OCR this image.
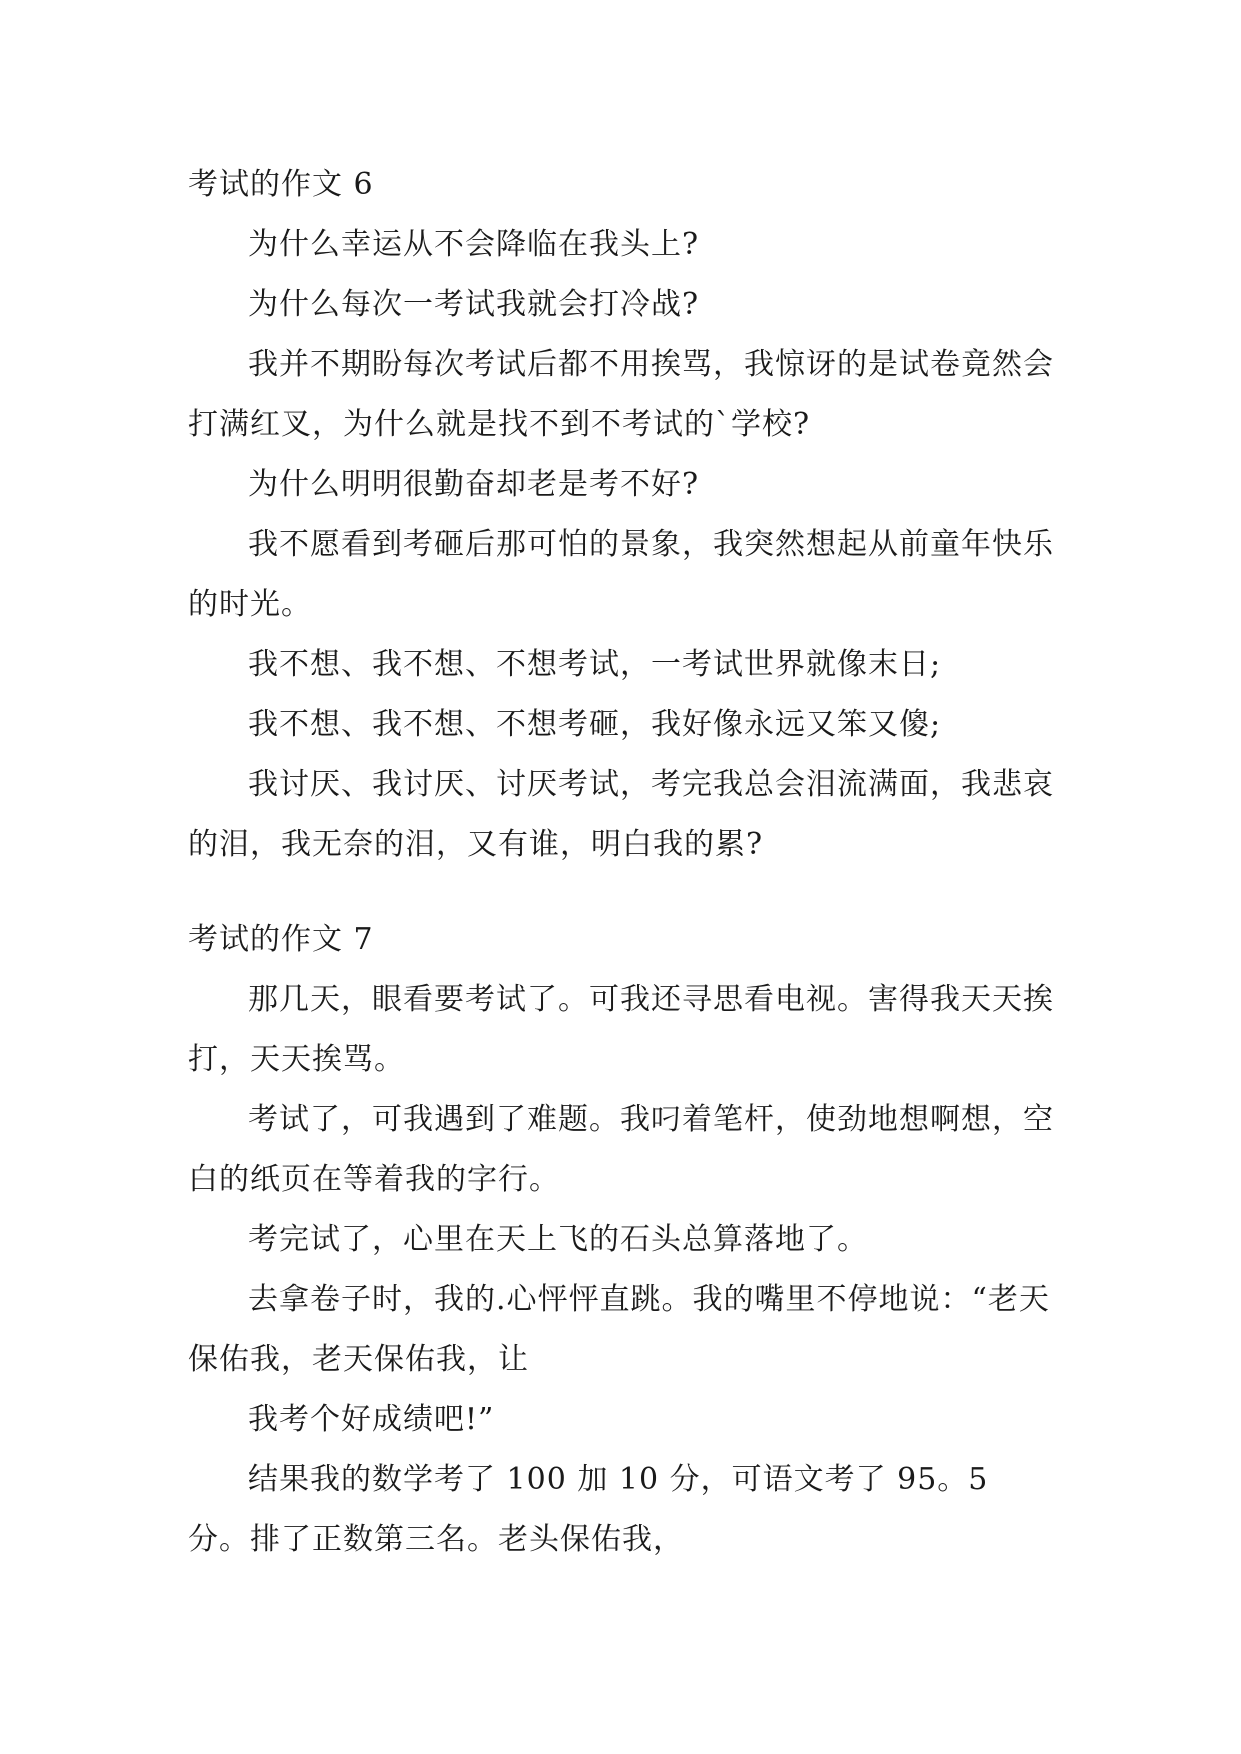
考试的作文 6

为什么幸运从不会降临在我头上?

为什么每次一考试我就会打冷战?

我并不期盼每次考试后都不用挨骂，我惊讶的是试卷竟然会打满红叉，为什么就是找不到不考试的`学校?

为什么明明很勤奋却老是考不好?

我不愿看到考砸后那可怕的景象，我突然想起从前童年快乐的时光。

我不想、我不想、不想考试，一考试世界就像末日;

我不想、我不想、不想考砸，我好像永远又笨又傻;

我讨厌、我讨厌、讨厌考试，考完我总会泪流满面，我悲哀的泪，我无奈的泪，又有谁，明白我的累?

考试的作文 7

那几天，眼看要考试了。可我还寻思看电视。害得我天天挨打，天天挨骂。

考试了，可我遇到了难题。我叼着笔杆，使劲地想啊想，空白的纸页在等着我的字行。

考完试了，心里在天上飞的石头总算落地了。

去拿卷子时，我的.心怦怦直跳。我的嘴里不停地说：“老天保佑我，老天保佑我，让

我考个好成绩吧!”

结果我的数学考了 100 加 10 分，可语文考了 95。5 分。排了正数第三名。老头保佑我，
